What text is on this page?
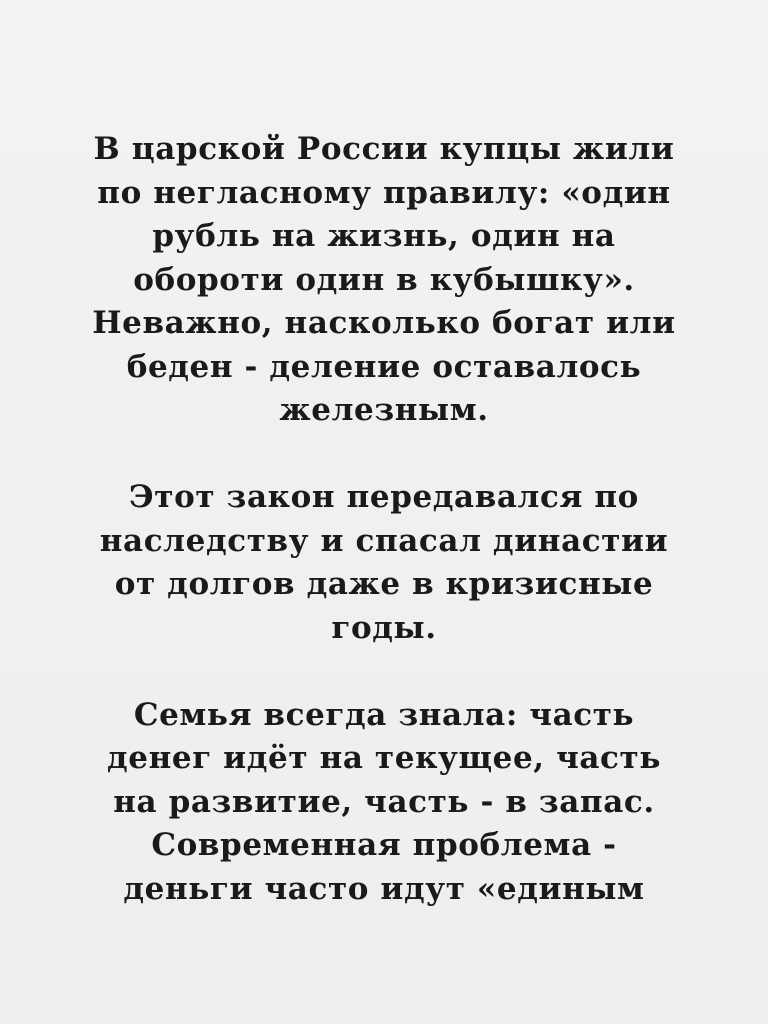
В царской России купцы жили
по негласному правилу: «один
рубль на жизнь, один на
обороти один в кубышку».
Неважно, насколько богат или
беден - деление оставалось
железным.

Этот закон передавался по
наследству и спасал династии
от долгов даже в кризисные
годы.

Семья всегда знала: часть
денег идёт на текущее, часть
на развитие, часть - в запас.
Современная проблема -
деньги часто идут «единым
